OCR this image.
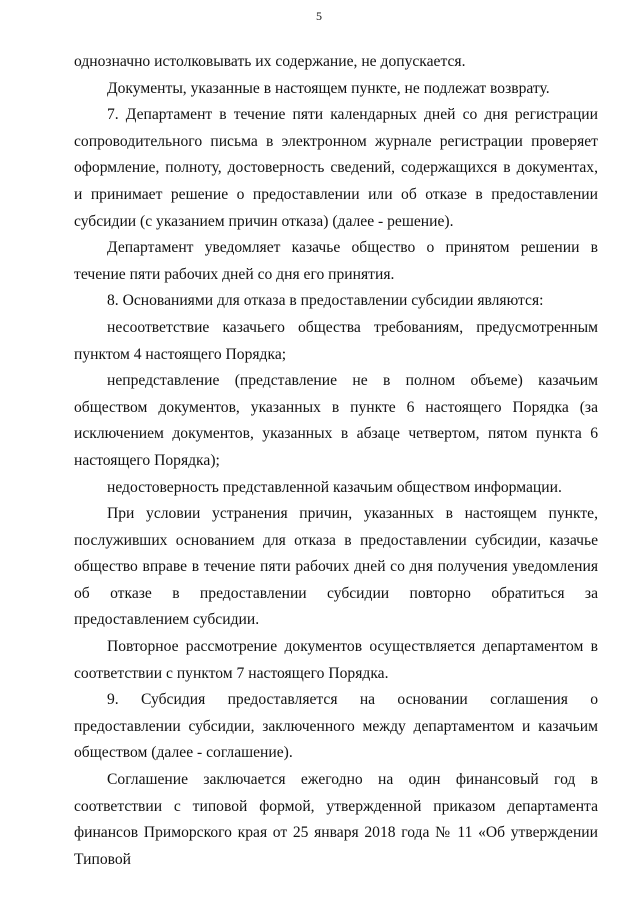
5

однозначно истолковывать их содержание, не допускается.

Документы, указанные в настоящем пункте, не подлежат возврату.

7. Департамент в течение пяти календарных дней со дня регистрации сопроводительного письма в электронном журнале регистрации проверяет оформление, полноту, достоверность сведений, содержащихся в документах, и принимает решение о предоставлении или об отказе в предоставлении субсидии (с указанием причин отказа) (далее - решение).

Департамент уведомляет казачье общество о принятом решении в течение пяти рабочих дней со дня его принятия.

8. Основаниями для отказа в предоставлении субсидии являются:

несоответствие казачьего общества требованиям, предусмотренным пунктом 4 настоящего Порядка;

непредставление (представление не в полном объеме) казачьим обществом документов, указанных в пункте 6 настоящего Порядка (за исключением документов, указанных в абзаце четвертом, пятом пункта 6 настоящего Порядка);

недостоверность представленной казачьим обществом информации.

При условии устранения причин, указанных в настоящем пункте, послуживших основанием для отказа в предоставлении субсидии, казачье общество вправе в течение пяти рабочих дней со дня получения уведомления об отказе в предоставлении субсидии повторно обратиться за предоставлением субсидии.

Повторное рассмотрение документов осуществляется департаментом в соответствии с пунктом 7 настоящего Порядка.

9. Субсидия предоставляется на основании соглашения о предоставлении субсидии, заключенного между департаментом и казачьим обществом (далее - соглашение).

Соглашение заключается ежегодно на один финансовый год в соответствии с типовой формой, утвержденной приказом департамента финансов Приморского края от 25 января 2018 года № 11 «Об утверждении Типовой
